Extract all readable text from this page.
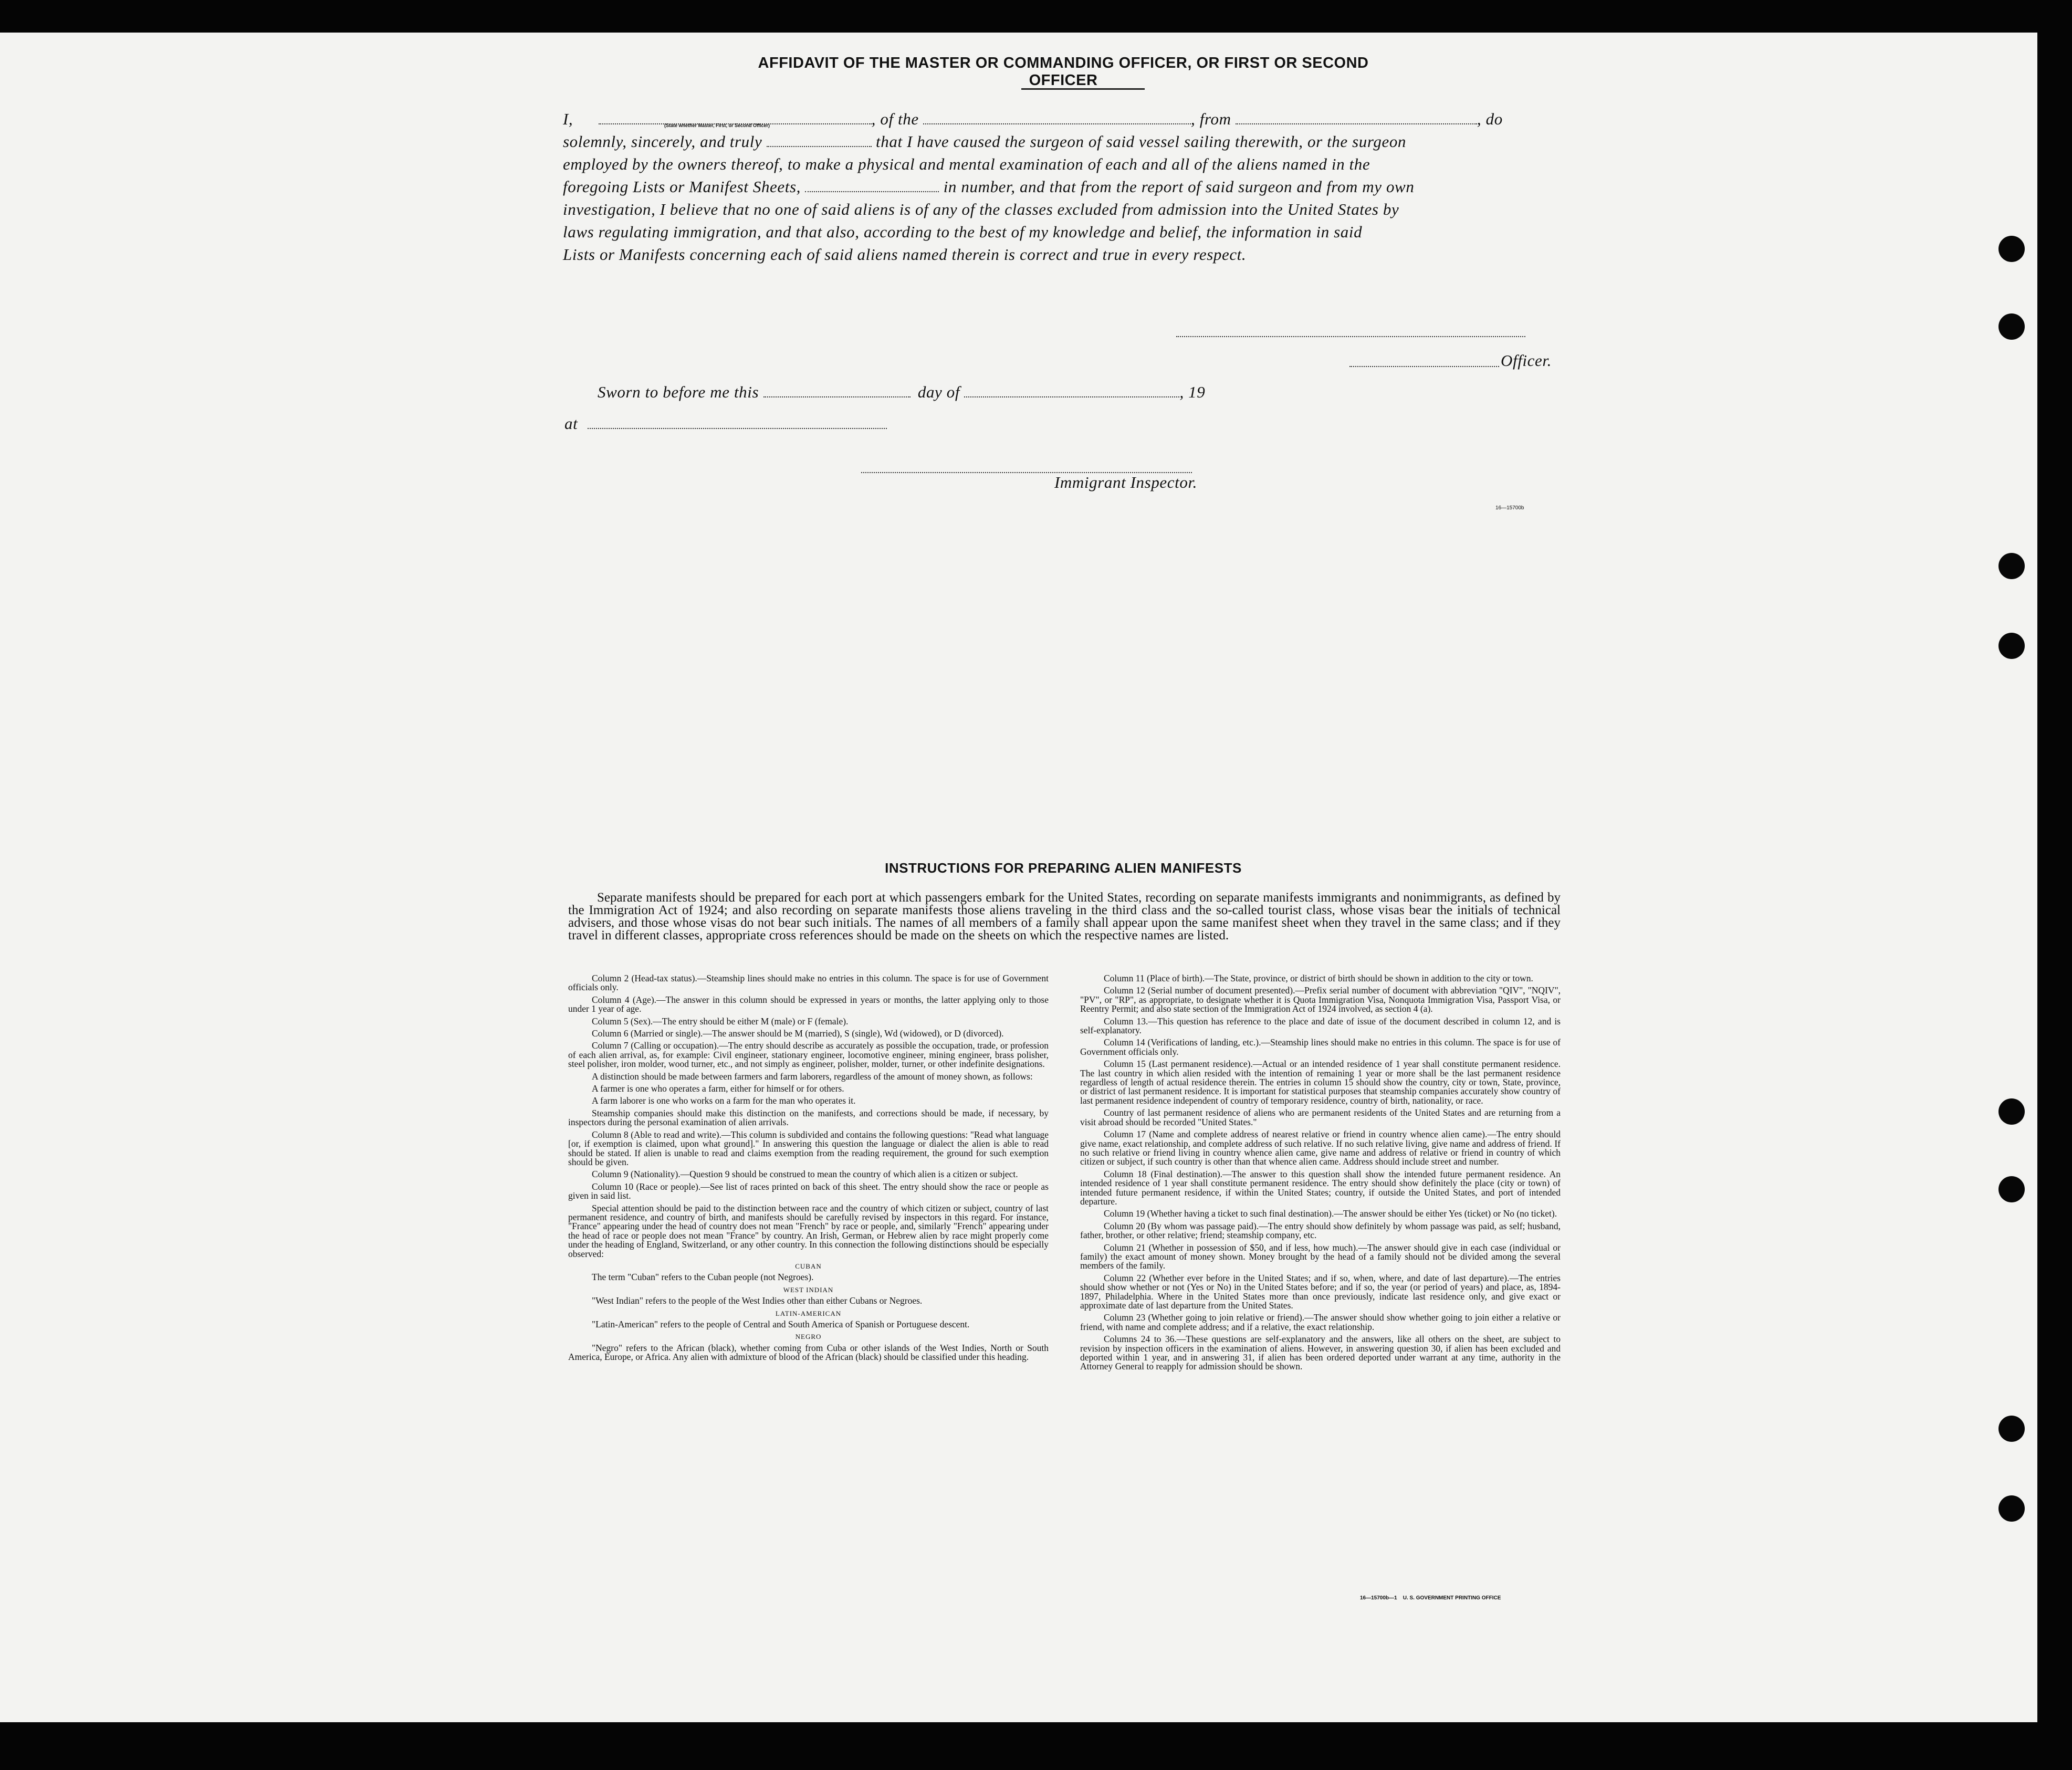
AFFIDAVIT OF THE MASTER OR COMMANDING OFFICER, OR FIRST OR SECOND OFFICER
I,	, of the	, from	, do
solemnly, sincerely, and truly	that I have caused the surgeon of said vessel sailing therewith, or the surgeon
employed by the owners thereof, to make a physical and mental examination of each and all of the aliens named in the
foregoing Lists or Manifest Sheets,	in number, and that from the report of said surgeon and from my own
investigation, I believe that no one of said aliens is of any of the classes excluded from admission into the United States by
laws regulating immigration, and that also, according to the best of my knowledge and belief, the information in said
Lists or Manifests concerning each of said aliens named therein is correct and true in every respect.
(State whether Master, First, or Second Officer)
Officer.
Sworn to before me this	day of	, 19
at
Immigrant Inspector.
16—15700b
INSTRUCTIONS FOR PREPARING ALIEN MANIFESTS
Separate manifests should be prepared for each port at which passengers embark for the United States, recording on separate manifests immigrants and nonimmigrants, as defined by the Immigration Act of 1924; and also recording on separate manifests those aliens traveling in the third class and the so-called tourist class, whose visas bear the initials of technical advisers, and those whose visas do not bear such initials. The names of all members of a family shall appear upon the same manifest sheet when they travel in the same class; and if they travel in different classes, appropriate cross references should be made on the sheets on which the respective names are listed.

Column 2 (Head-tax status).—Steamship lines should make no entries in this column. The space is for use of Government officials only.

Column 4 (Age).—The answer in this column should be expressed in years or months, the latter applying only to those under 1 year of age.

Column 5 (Sex).—The entry should be either M (male) or F (female).

Column 6 (Married or single).—The answer should be M (married), S (single), Wd (widowed), or D (divorced).

Column 7 (Calling or occupation).—The entry should describe as accurately as possible the occupation, trade, or profession of each alien arrival, as, for example: Civil engineer, stationary engineer, locomotive engineer, mining engineer, brass polisher, steel polisher, iron molder, wood turner, etc., and not simply as engineer, polisher, molder, turner, or other indefinite designations.

A distinction should be made between farmers and farm laborers, regardless of the amount of money shown, as follows:

A farmer is one who operates a farm, either for himself or for others.

A farm laborer is one who works on a farm for the man who operates it.

Steamship companies should make this distinction on the manifests, and corrections should be made, if necessary, by inspectors during the personal examination of alien arrivals.

Column 8 (Able to read and write).—This column is subdivided and contains the following questions: "Read what language [or, if exemption is claimed, upon what ground]." In answering this question the language or dialect the alien is able to read should be stated. If alien is unable to read and claims exemption from the reading requirement, the ground for such exemption should be given.

Column 9 (Nationality).—Question 9 should be construed to mean the country of which alien is a citizen or subject.

Column 10 (Race or people).—See list of races printed on back of this sheet. The entry should show the race or people as given in said list.

Special attention should be paid to the distinction between race and the country of which citizen or subject, country of last permanent residence, and country of birth, and manifests should be carefully revised by inspectors in this regard. For instance, "France" appearing under the head of country does not mean "French" by race or people, and, similarly "French" appearing under the head of race or people does not mean "France" by country. An Irish, German, or Hebrew alien by race might properly come under the heading of England, Switzerland, or any other country. In this connection the following distinctions should be especially observed:

CUBAN

The term "Cuban" refers to the Cuban people (not Negroes).

WEST INDIAN

"West Indian" refers to the people of the West Indies other than either Cubans or Negroes.

LATIN-AMERICAN

"Latin-American" refers to the people of Central and South America of Spanish or Portuguese descent.

NEGRO

"Negro" refers to the African (black), whether coming from Cuba or other islands of the West Indies, North or South America, Europe, or Africa. Any alien with admixture of blood of the African (black) should be classified under this heading.

Column 11 (Place of birth).—The State, province, or district of birth should be shown in addition to the city or town.

Column 12 (Serial number of document presented).—Prefix serial number of document with abbreviation "QIV", "NQIV", "PV", or "RP", as appropriate, to designate whether it is Quota Immigration Visa, Nonquota Immigration Visa, Passport Visa, or Reentry Permit; and also state section of the Immigration Act of 1924 involved, as section 4 (a).

Column 13.—This question has reference to the place and date of issue of the document described in column 12, and is self-explanatory.

Column 14 (Verifications of landing, etc.).—Steamship lines should make no entries in this column. The space is for use of Government officials only.

Column 15 (Last permanent residence).—Actual or an intended residence of 1 year shall constitute permanent residence. The last country in which alien resided with the intention of remaining 1 year or more shall be the last permanent residence regardless of length of actual residence therein. The entries in column 15 should show the country, city or town, State, province, or district of last permanent residence. It is important for statistical purposes that steamship companies accurately show country of last permanent residence independent of country of temporary residence, country of birth, nationality, or race.

Country of last permanent residence of aliens who are permanent residents of the United States and are returning from a visit abroad should be recorded "United States."

Column 17 (Name and complete address of nearest relative or friend in country whence alien came).—The entry should give name, exact relationship, and complete address of such relative. If no such relative living, give name and address of friend. If no such relative or friend living in country whence alien came, give name and address of relative or friend in country of which citizen or subject, if such country is other than that whence alien came. Address should include street and number.

Column 18 (Final destination).—The answer to this question shall show the intended future permanent residence. An intended residence of 1 year shall constitute permanent residence. The entry should show definitely the place (city or town) of intended future permanent residence, if within the United States; country, if outside the United States, and port of intended departure.

Column 19 (Whether having a ticket to such final destination).—The answer should be either Yes (ticket) or No (no ticket).

Column 20 (By whom was passage paid).—The entry should show definitely by whom passage was paid, as self; husband, father, brother, or other relative; friend; steamship company, etc.

Column 21 (Whether in possession of $50, and if less, how much).—The answer should give in each case (individual or family) the exact amount of money shown. Money brought by the head of a family should not be divided among the several members of the family.

Column 22 (Whether ever before in the United States; and if so, when, where, and date of last departure).—The entries should show whether or not (Yes or No) in the United States before; and if so, the year (or period of years) and place, as, 1894-1897, Philadelphia. Where in the United States more than once previously, indicate last residence only, and give exact or approximate date of last departure from the United States.

Column 23 (Whether going to join relative or friend).—The answer should show whether going to join either a relative or friend, with name and complete address; and if a relative, the exact relationship.

Columns 24 to 36.—These questions are self-explanatory and the answers, like all others on the sheet, are subject to revision by inspection officers in the examination of aliens. However, in answering question 30, if alien has been excluded and deported within 1 year, and in answering 31, if alien has been ordered deported under warrant at any time, authority in the Attorney General to reapply for admission should be shown.

16—15700b—1    U. S. GOVERNMENT PRINTING OFFICE
